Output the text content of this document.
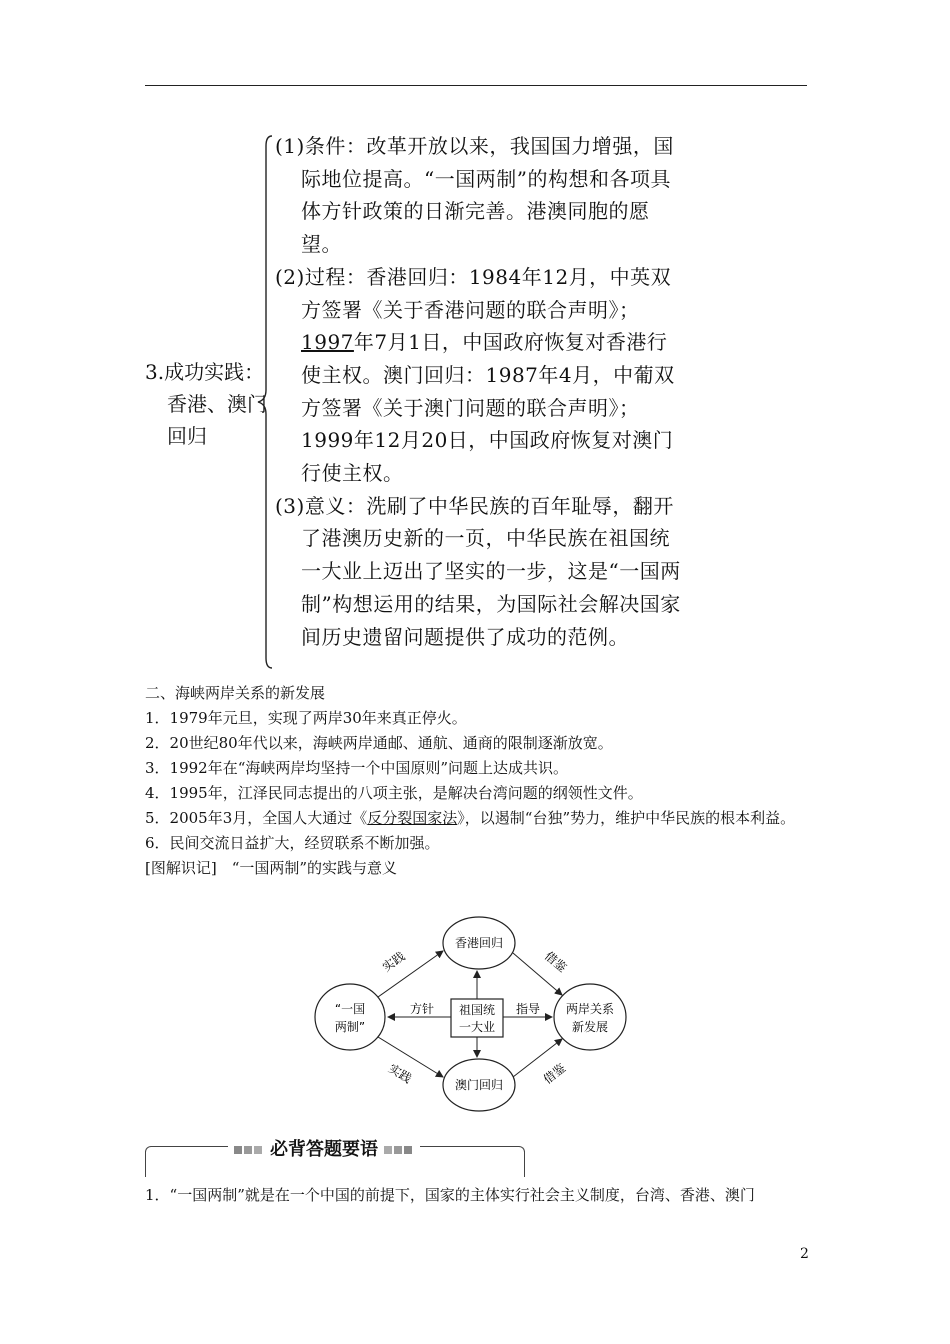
3.成功实践：
香港、澳门
回归

(1)条件：改革开放以来，我国国力增强，国际地位提高。“一国两制”的构想和各项具体方针政策的日渐完善。港澳同胞的愿望。

(2)过程：香港回归：1984年12月，中英双方签署《关于香港问题的联合声明》；1997年7月1日，中国政府恢复对香港行使主权。澳门回归：1987年4月，中葡双方签署《关于澳门问题的联合声明》；1999年12月20日，中国政府恢复对澳门行使主权。

(3)意义：洗刷了中华民族的百年耻辱，翻开了港澳历史新的一页，中华民族在祖国统一大业上迈出了坚实的一步，这是“一国两制”构想运用的结果，为国际社会解决国家间历史遗留问题提供了成功的范例。

二、海峡两岸关系的新发展

1．1979年元旦，实现了两岸30年来真正停火。

2．20世纪80年代以来，海峡两岸通邮、通航、通商的限制逐渐放宽。

3．1992年在“海峡两岸均坚持一个中国原则”问题上达成共识。

4．1995年，江泽民同志提出的八项主张，是解决台湾问题的纲领性文件。

5．2005年3月，全国人大通过《反分裂国家法》，以遏制“台独”势力，维护中华民族的根本利益。

6．民间交流日益扩大，经贸联系不断加强。

[图解识记]　“一国两制”的实践与意义

“一国
两制”
香港回归
澳门回归
两岸关系
新发展
祖国统
一大业
实践
实践
借鉴
借鉴
方针	指导
必背答题要语
1．“一国两制”就是在一个中国的前提下，国家的主体实行社会主义制度，台湾、香港、澳门
2
